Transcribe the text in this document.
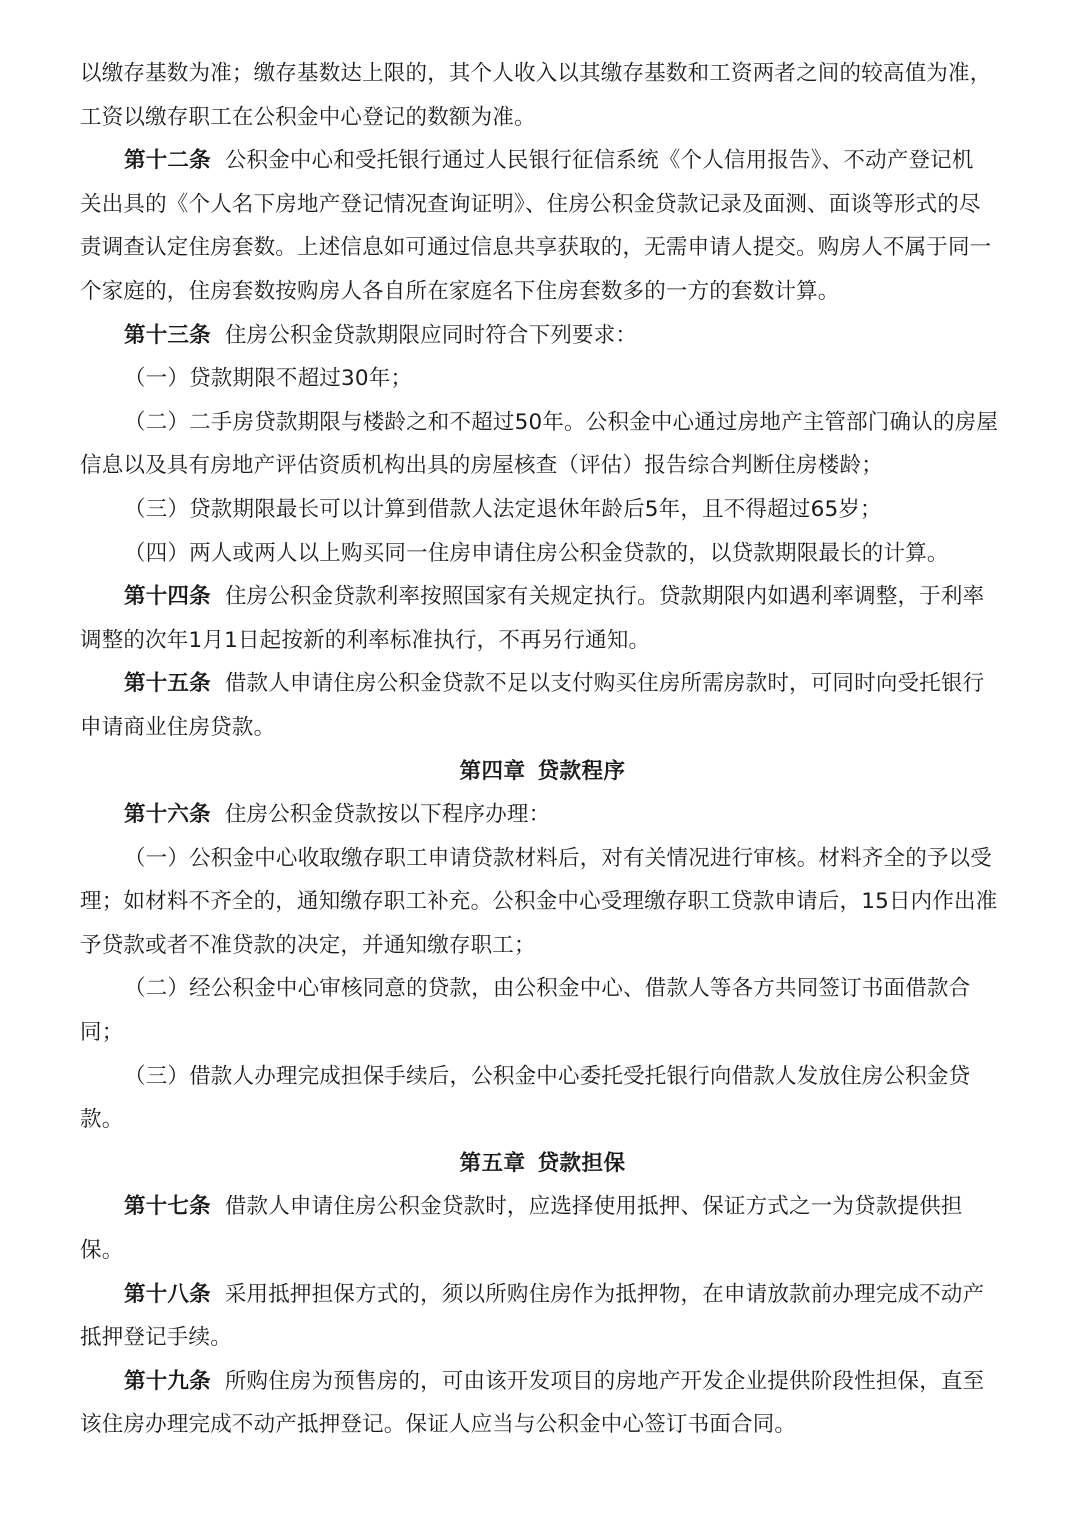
以缴存基数为准；缴存基数达上限的，其个人收入以其缴存基数和工资两者之间的较高值为准，
工资以缴存职工在公积金中心登记的数额为准。
第十二条 公积金中心和受托银行通过人民银行征信系统《个人信用报告》、不动产登记机
关出具的《个人名下房地产登记情况查询证明》、住房公积金贷款记录及面测、面谈等形式的尽
责调查认定住房套数。上述信息如可通过信息共享获取的，无需申请人提交。购房人不属于同一
个家庭的，住房套数按购房人各自所在家庭名下住房套数多的一方的套数计算。
第十三条 住房公积金贷款期限应同时符合下列要求：
（一）贷款期限不超过30年；
（二）二手房贷款期限与楼龄之和不超过50年。公积金中心通过房地产主管部门确认的房屋
信息以及具有房地产评估资质机构出具的房屋核查（评估）报告综合判断住房楼龄；
（三）贷款期限最长可以计算到借款人法定退休年龄后5年，且不得超过65岁；
（四）两人或两人以上购买同一住房申请住房公积金贷款的，以贷款期限最长的计算。
第十四条 住房公积金贷款利率按照国家有关规定执行。贷款期限内如遇利率调整，于利率
调整的次年1月1日起按新的利率标准执行，不再另行通知。
第十五条 借款人申请住房公积金贷款不足以支付购买住房所需房款时，可同时向受托银行
申请商业住房贷款。
第四章 贷款程序
第十六条 住房公积金贷款按以下程序办理：
（一）公积金中心收取缴存职工申请贷款材料后，对有关情况进行审核。材料齐全的予以受
理；如材料不齐全的，通知缴存职工补充。公积金中心受理缴存职工贷款申请后，15日内作出准
予贷款或者不准贷款的决定，并通知缴存职工；
（二）经公积金中心审核同意的贷款，由公积金中心、借款人等各方共同签订书面借款合
同；
（三）借款人办理完成担保手续后，公积金中心委托受托银行向借款人发放住房公积金贷
款。
第五章 贷款担保
第十七条 借款人申请住房公积金贷款时，应选择使用抵押、保证方式之一为贷款提供担
保。
第十八条 采用抵押担保方式的，须以所购住房作为抵押物，在申请放款前办理完成不动产
抵押登记手续。
第十九条 所购住房为预售房的，可由该开发项目的房地产开发企业提供阶段性担保，直至
该住房办理完成不动产抵押登记。保证人应当与公积金中心签订书面合同。
